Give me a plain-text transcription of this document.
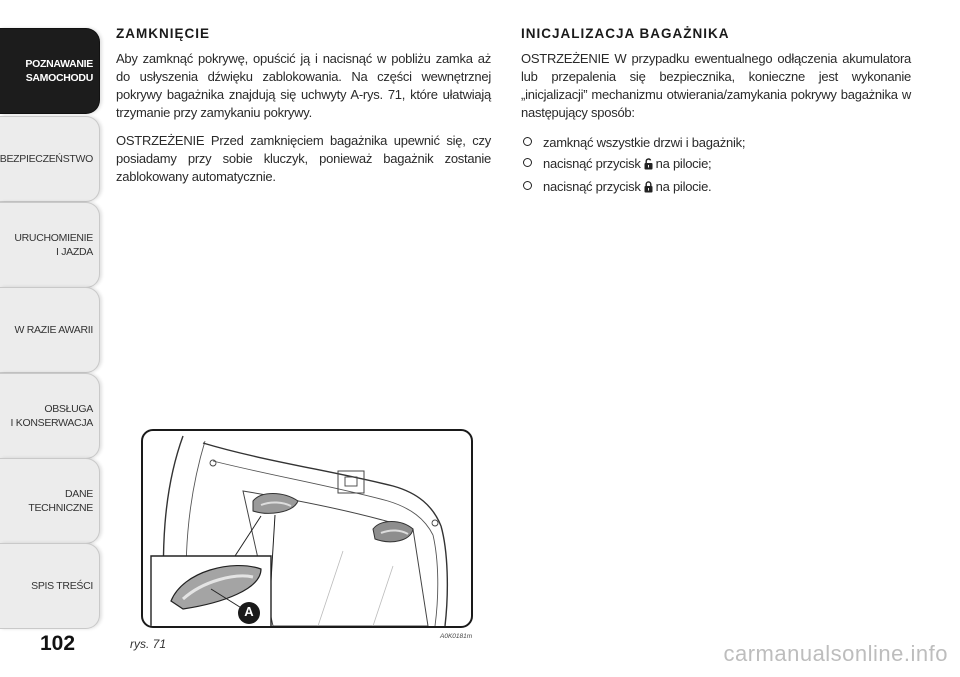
POZNAWANIE
SAMOCHODU
BEZPIECZEŃSTWO
URUCHOMIENIE
I JAZDA
W RAZIE AWARII
OBSŁUGA
I KONSERWACJA
DANE
TECHNICZNE
SPIS TREŚCI
102
ZAMKNIĘCIE

Aby zamknąć pokrywę, opuścić ją i nacisnąć w pobliżu zamka aż do usłyszenia dźwięku zablokowania. Na części wewnętrznej pokrywy bagażnika znajdują się uchwyty A-rys. 71, które ułatwiają trzymanie przy zamykaniu pokrywy.

OSTRZEŻENIE Przed zamknięciem bagażnika upewnić się, czy posiadamy przy sobie kluczyk, ponieważ bagażnik zostanie zablokowany automatycznie.

INICJALIZACJA BAGAŻNIKA

OSTRZEŻENIE W przypadku ewentualnego odłączenia akumulatora lub przepalenia się bezpiecznika, konieczne jest wykonanie „inicjalizacji” mechanizmu otwierania/zamykania pokrywy bagażnika w następujący sposób:

zamknąć wszystkie drzwi i bagażnik;
nacisnąć przycisk na pilocie;
nacisnąć przycisk na pilocie.
A
rys. 71
A0K0181m
carmanualsonline.info
